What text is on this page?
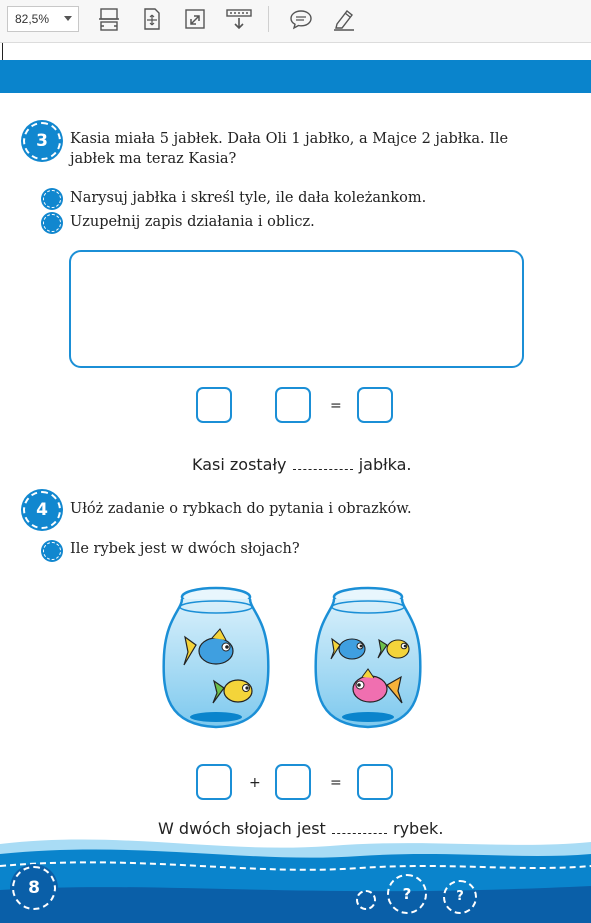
82,5%
3	Kasia miała 5 jabłek. Dała Oli 1 jabłko, a Majce 2 jabłka. Ile jabłek ma teraz Kasia?
Narysuj jabłka i skreśl tyle, ile dała koleżankom.
Uzupełnij zapis działania i oblicz.
=
Kasi zostały	jabłka.
4	Ułóż zadanie o rybkach do pytania i obrazków.
Ile rybek jest w dwóch słojach?
+	=
W dwóch słojach jest	rybek.
8	?	?
